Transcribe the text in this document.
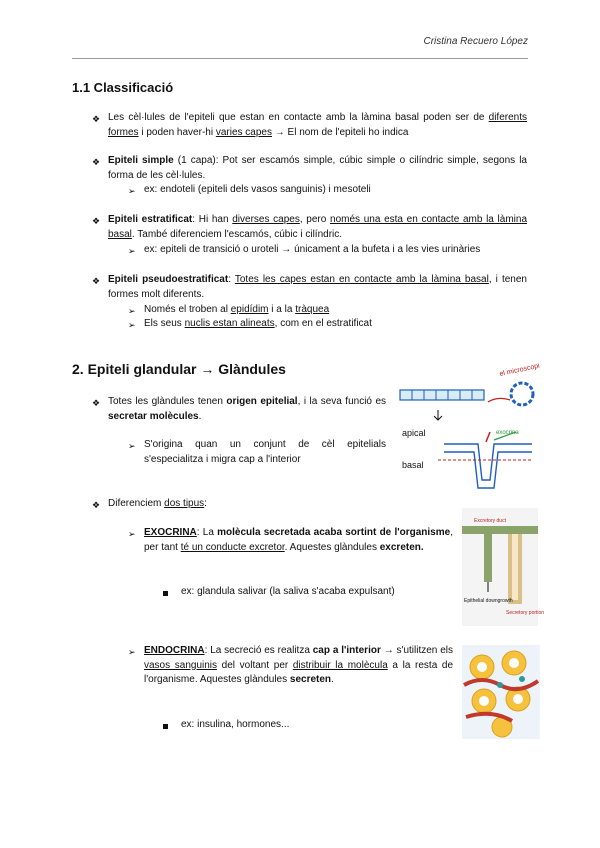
Cristina Recuero López
1.1 Classificació
❖ Les cèl·lules de l'epiteli que estan en contacte amb la làmina basal poden ser de diferents formes i poden haver-hi varies capes → El nom de l'epiteli ho indica
❖ Epiteli simple (1 capa): Pot ser escamós simple, cúbic simple o cilíndric simple, segons la forma de les cèl·lules.
➢ ex: endoteli (epiteli dels vasos sanguinis) i mesoteli
❖ Epiteli estratificat: Hi han diverses capes, pero només una esta en contacte amb la làmina basal. També diferenciem l'escamós, cúbic i cilíndric.
➢ ex: epiteli de transició o uroteli → únicament a la bufeta i a les vies urinàries
❖ Epiteli pseudoestratificat: Totes les capes estan en contacte amb la làmina basal, i tenen formes molt diferents.
➢ Només el troben al epidídim i a la tràquea
➢ Els seus nuclis estan alineats, com en el estratificat
2. Epiteli glandular → Glàndules
❖ Totes les glàndules tenen origen epitelial, i la seva funció es secretar molècules.
➢ S'origina quan un conjunt de cèl epitelials s'especialitza i migra cap a l'interior
❖ Diferenciem dos tipus:
➢ EXOCRINA: La molècula secretada acaba sortint de l'organisme, per tant té un conducte excretor. Aquestes glàndules excreten.
ex: glandula salivar (la saliva s'acaba expulsant)
➢ ENDOCRINA: La secreció es realitza cap a l'interior → s'utilitzen els vasos sanguinis del voltant per distribuir la molècula a la resta de l'organisme. Aquestes glàndules secreten.
ex: insulina, hormones...
el microscopi
apical
basal
exocrina
Excretory duct
Epithelial downgrowth
Secretory portion
